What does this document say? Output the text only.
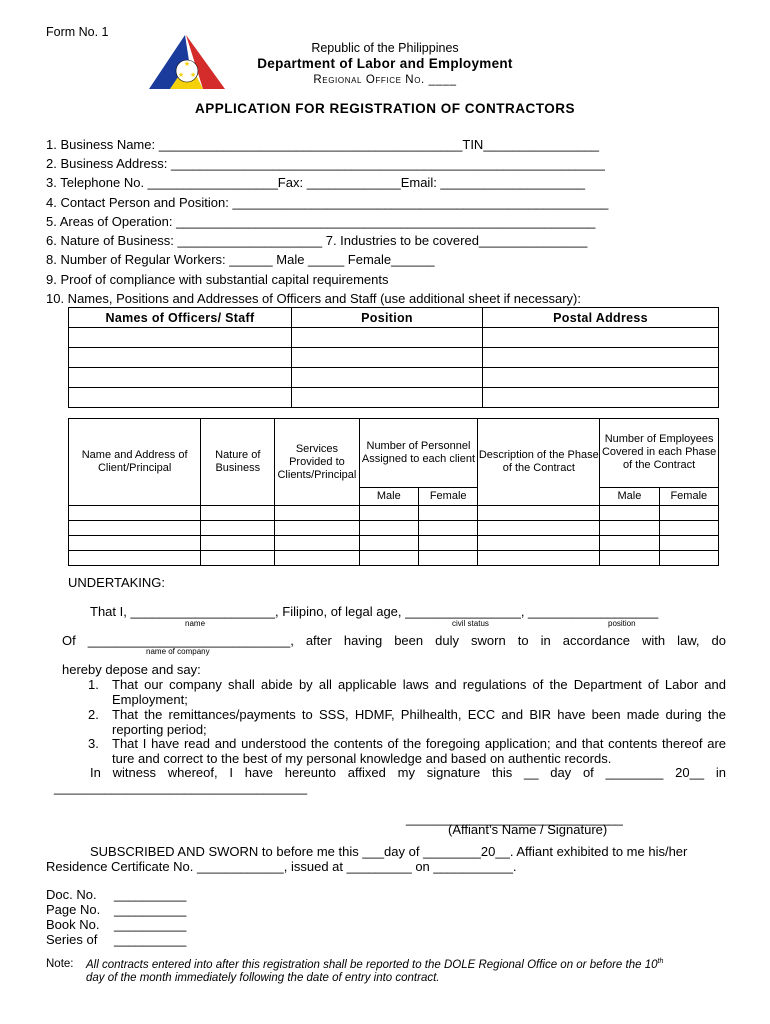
Form No. 1
★
★ ★
Republic of the Philippines
Department of Labor and Employment
Regional Office No. ____
APPLICATION FOR REGISTRATION OF CONTRACTORS
1. Business Name: __________________________________________TIN________________
2. Business Address: ____________________________________________________________
3. Telephone No. __________________Fax: _____________Email: ____________________
4. Contact Person and Position: ____________________________________________________
5. Areas of Operation: __________________________________________________________
6. Nature of Business: ____________________ 7. Industries to be covered_______________
8. Number of Regular Workers: ______ Male _____ Female______
9. Proof of compliance with substantial capital requirements
10. Names, Positions and Addresses of Officers and Staff (use additional sheet if necessary):
Names of Officers/ Staff	Position	Postal Address

Name and Address of Client/Principal	Nature of Business	Services Provided to Clients/Principal	Number of Personnel Assigned to each client		Description of the Phase of the Contract	Number of Employees Covered in each Phase of the Contract	
			Male	Female		Male	Female

UNDERTAKING:
That I, ____________________, Filipino, of legal age, ________________, __________________
name	civil status	position
Of ____________________________, after having been duly sworn to in accordance with law, do
name of company
hereby depose and say:
1. That our company shall abide by all applicable laws and regulations of the Department of Labor and Employment;
2. That the remittances/payments to SSS, HDMF, Philhealth, ECC and BIR have been made during the reporting period;
3. That I have read and understood the contents of the foregoing application; and that contents thereof are ture and correct to the best of my personal knowledge and based on authentic records.
In witness whereof, I have hereunto affixed my signature this __ day of ________ 20__ in
___________________________________
______________________________
(Affiant’s Name / Signature)
SUBSCRIBED AND SWORN to before me this ___day of ________20__. Affiant exhibited to me his/her
Residence Certificate No. ____________, issued at _________ on ___________.
Doc. No. __________
Page No. __________
Book No. __________
Series of __________
Note: All contracts entered into after this registration shall be reported to the DOLE Regional Office on or before the 10th
day of the month immediately following the date of entry into contract.
